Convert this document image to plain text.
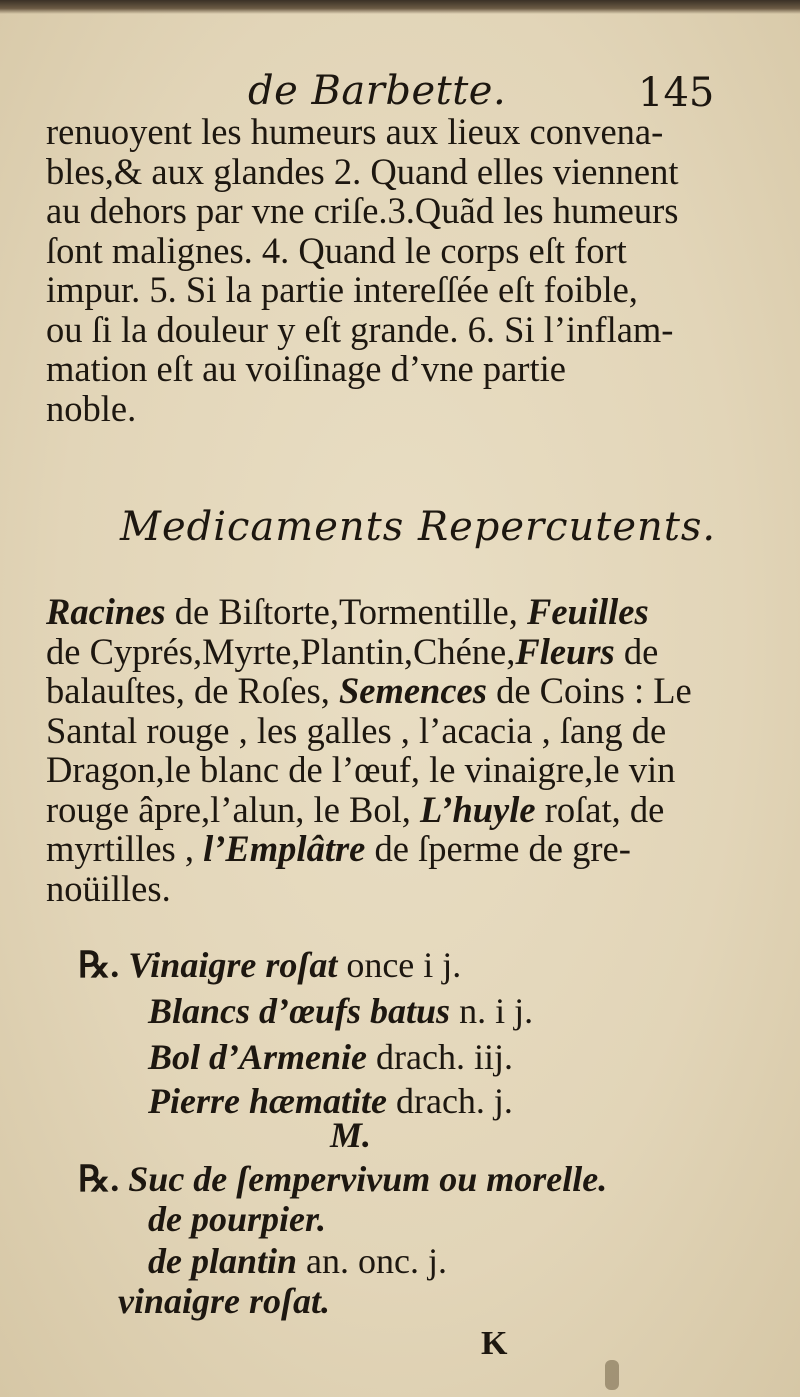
de Barbette.	145
renuoyent les humeurs aux lieux convena-
bles,& aux glandes 2. Quand elles viennent
au dehors par vne criſe.3.Quãd les humeurs
ſont malignes. 4. Quand le corps eſt fort
impur. 5. Si la partie intereſſée eſt foible,
ou ſi la douleur y eſt grande. 6. Si l’inflam-
mation eſt au voiſinage d’vne partie
noble.
Medicaments Repercutents.
Racines de Biſtorte,Tormentille, Feuilles
de Cyprés,Myrte,Plantin,Chéne,Fleurs de
balauſtes, de Roſes, Semences de Coins : Le
Santal rouge , les galles , l’acacia , ſang de
Dragon,le blanc de l’œuf, le vinaigre,le vin
rouge âpre,l’alun, le Bol, L’huyle roſat, de
myrtilles , l’Emplâtre de ſperme de gre-
noüilles.
℞. Vinaigre roſat once i j.
Blancs d’œufs batus n. i j.
Bol d’Armenie drach. iij.
Pierre hæmatite drach. j.
M.
℞. Suc de ſempervivum ou morelle.
de pourpier.
de plantin an. onc. j.
vinaigre roſat.
K
